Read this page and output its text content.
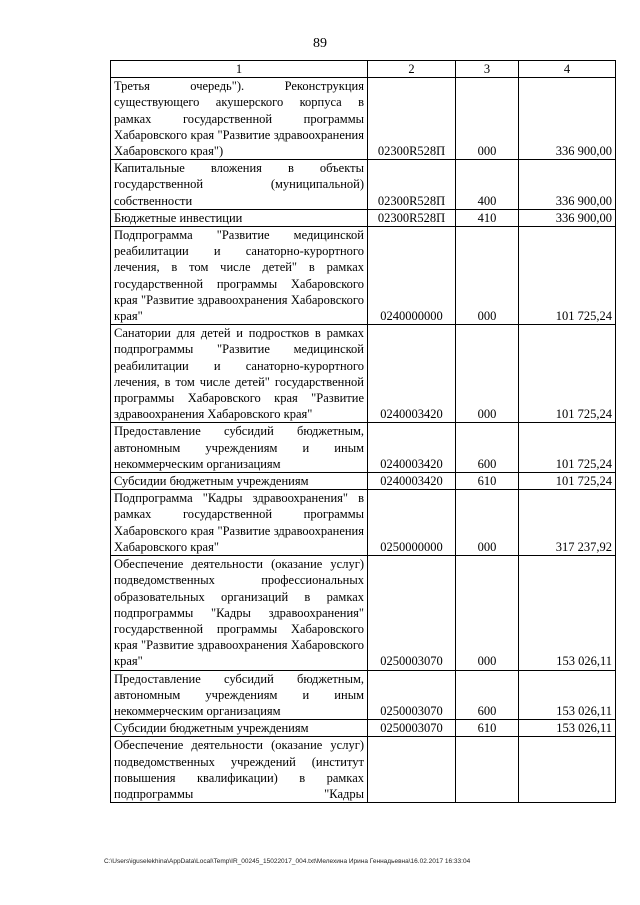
89
1	2	3	4
Третья очередь"). Реконструкция существующего акушерского корпуса в рамках государственной программы Хабаровского края "Развитие здравоохранения Хабаровского края")	02300R528П	000	336 900,00
Капитальные вложения в объекты государственной (муниципальной) собственности	02300R528П	400	336 900,00
Бюджетные инвестиции	02300R528П	410	336 900,00
Подпрограмма "Развитие медицинской реабилитации и санаторно-курортного лечения, в том числе детей" в рамках государственной программы Хабаровского края "Развитие здравоохранения Хабаровского края"	0240000000	000	101 725,24
Санатории для детей и подростков в рамках подпрограммы "Развитие медицинской реабилитации и санаторно-курортного лечения, в том числе детей" государственной программы Хабаровского края "Развитие здравоохранения Хабаровского края"	0240003420	000	101 725,24
Предоставление субсидий бюджетным, автономным учреждениям и иным некоммерческим организациям	0240003420	600	101 725,24
Субсидии бюджетным учреждениям	0240003420	610	101 725,24
Подпрограмма "Кадры здравоохранения" в рамках государственной программы Хабаровского края "Развитие здравоохранения Хабаровского края"	0250000000	000	317 237,92
Обеспечение деятельности (оказание услуг) подведомственных профессиональных образовательных организаций в рамках подпрограммы "Кадры здравоохранения" государственной программы Хабаровского края "Развитие здравоохранения Хабаровского края"	0250003070	000	153 026,11
Предоставление субсидий бюджетным, автономным учреждениям и иным некоммерческим организациям	0250003070	600	153 026,11
Субсидии бюджетным учреждениям	0250003070	610	153 026,11
Обеспечение деятельности (оказание услуг) подведомственных учреждений (институт повышения квалификации) в рамках подпрограммы "Кадры			
C:\Users\iguselekhina\AppData\Local\Temp\IR_00245_15022017_004.txt\Мелехина Ирина Геннадьевна\16.02.2017 16:33:04
